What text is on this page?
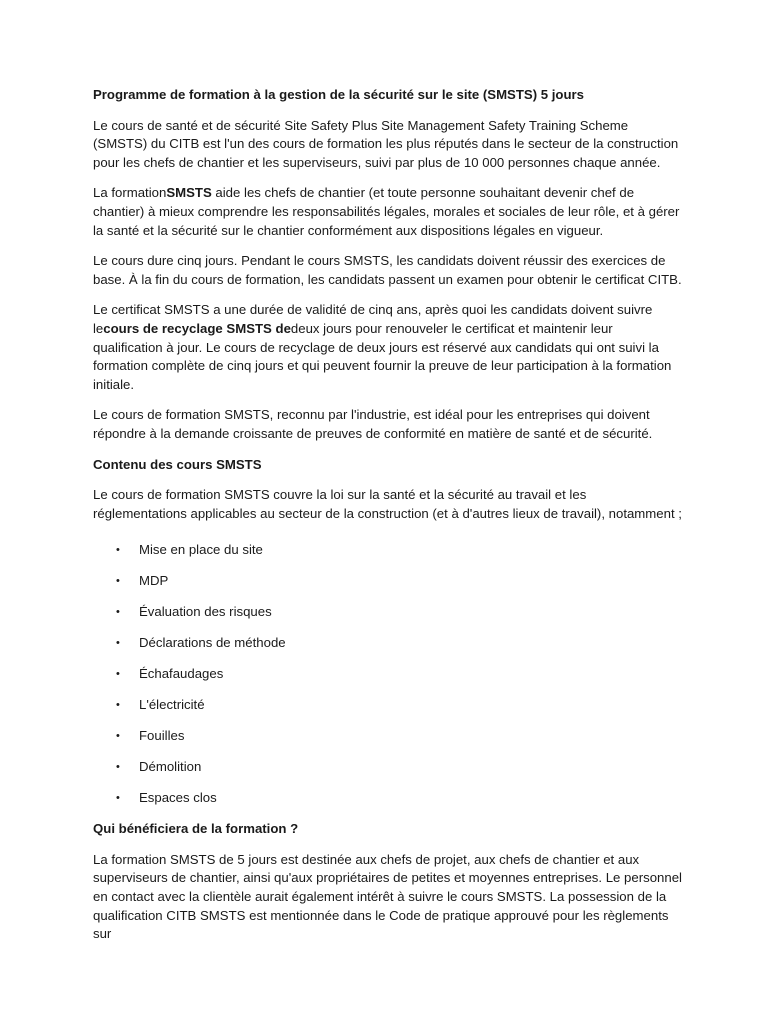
Programme de formation à la gestion de la sécurité sur le site (SMSTS) 5 jours

Le cours de santé et de sécurité Site Safety Plus Site Management Safety Training Scheme (SMSTS) du CITB est l'un des cours de formation les plus réputés dans le secteur de la construction pour les chefs de chantier et les superviseurs, suivi par plus de 10 000 personnes chaque année.

La formationSMSTS aide les chefs de chantier (et toute personne souhaitant devenir chef de chantier) à mieux comprendre les responsabilités légales, morales et sociales de leur rôle, et à gérer la santé et la sécurité sur le chantier conformément aux dispositions légales en vigueur.

Le cours dure cinq jours. Pendant le cours SMSTS, les candidats doivent réussir des exercices de base. À la fin du cours de formation, les candidats passent un examen pour obtenir le certificat CITB.

Le certificat SMSTS a une durée de validité de cinq ans, après quoi les candidats doivent suivre lecours de recyclage SMSTS dedeux jours pour renouveler le certificat et maintenir leur qualification à jour. Le cours de recyclage de deux jours est réservé aux candidats qui ont suivi la formation complète de cinq jours et qui peuvent fournir la preuve de leur participation à la formation initiale.

Le cours de formation SMSTS, reconnu par l'industrie, est idéal pour les entreprises qui doivent répondre à la demande croissante de preuves de conformité en matière de santé et de sécurité.

Contenu des cours SMSTS

Le cours de formation SMSTS couvre la loi sur la santé et la sécurité au travail et les réglementations applicables au secteur de la construction (et à d'autres lieux de travail), notamment ;

• Mise en place du site
• MDP
• Évaluation des risques
• Déclarations de méthode
• Échafaudages
• L'électricité
• Fouilles
• Démolition
• Espaces clos
Qui bénéficiera de la formation ?

La formation SMSTS de 5 jours est destinée aux chefs de projet, aux chefs de chantier et aux superviseurs de chantier, ainsi qu'aux propriétaires de petites et moyennes entreprises. Le personnel en contact avec la clientèle aurait également intérêt à suivre le cours SMSTS. La possession de la qualification CITB SMSTS est mentionnée dans le Code de pratique approuvé pour les règlements sur
